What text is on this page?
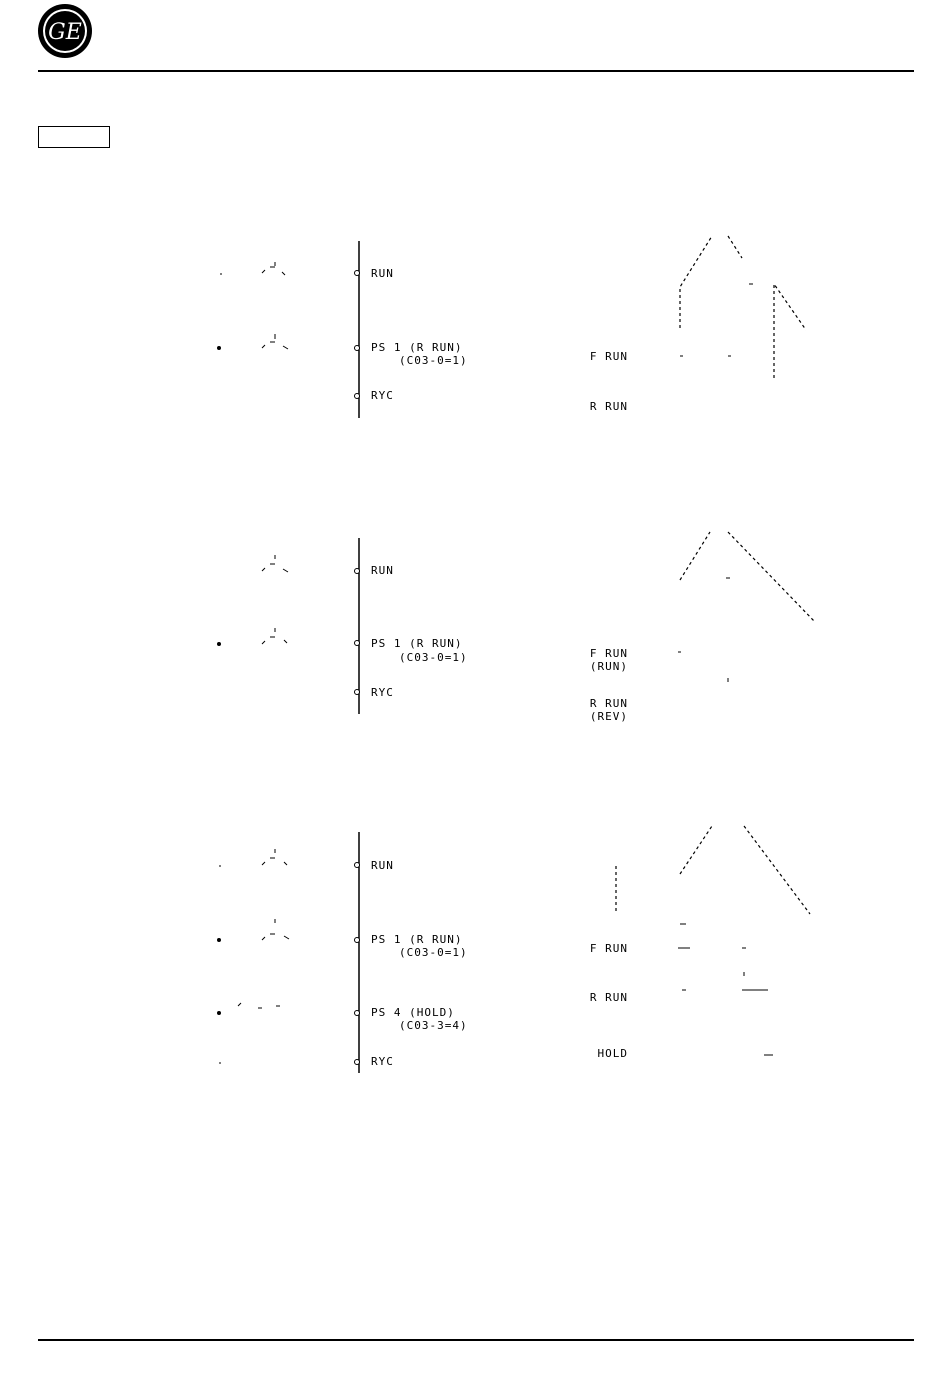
GE
RUN
PS 1 (R RUN)
(C03-0=1)
RYC
F RUN
R RUN
RUN
PS 1 (R RUN)
(C03-0=1)
RYC
F RUN
(RUN)
R RUN
(REV)
RUN
PS 1 (R RUN)
(C03-0=1)
PS 4 (HOLD)
(C03-3=4)
RYC
F RUN
R RUN
HOLD
